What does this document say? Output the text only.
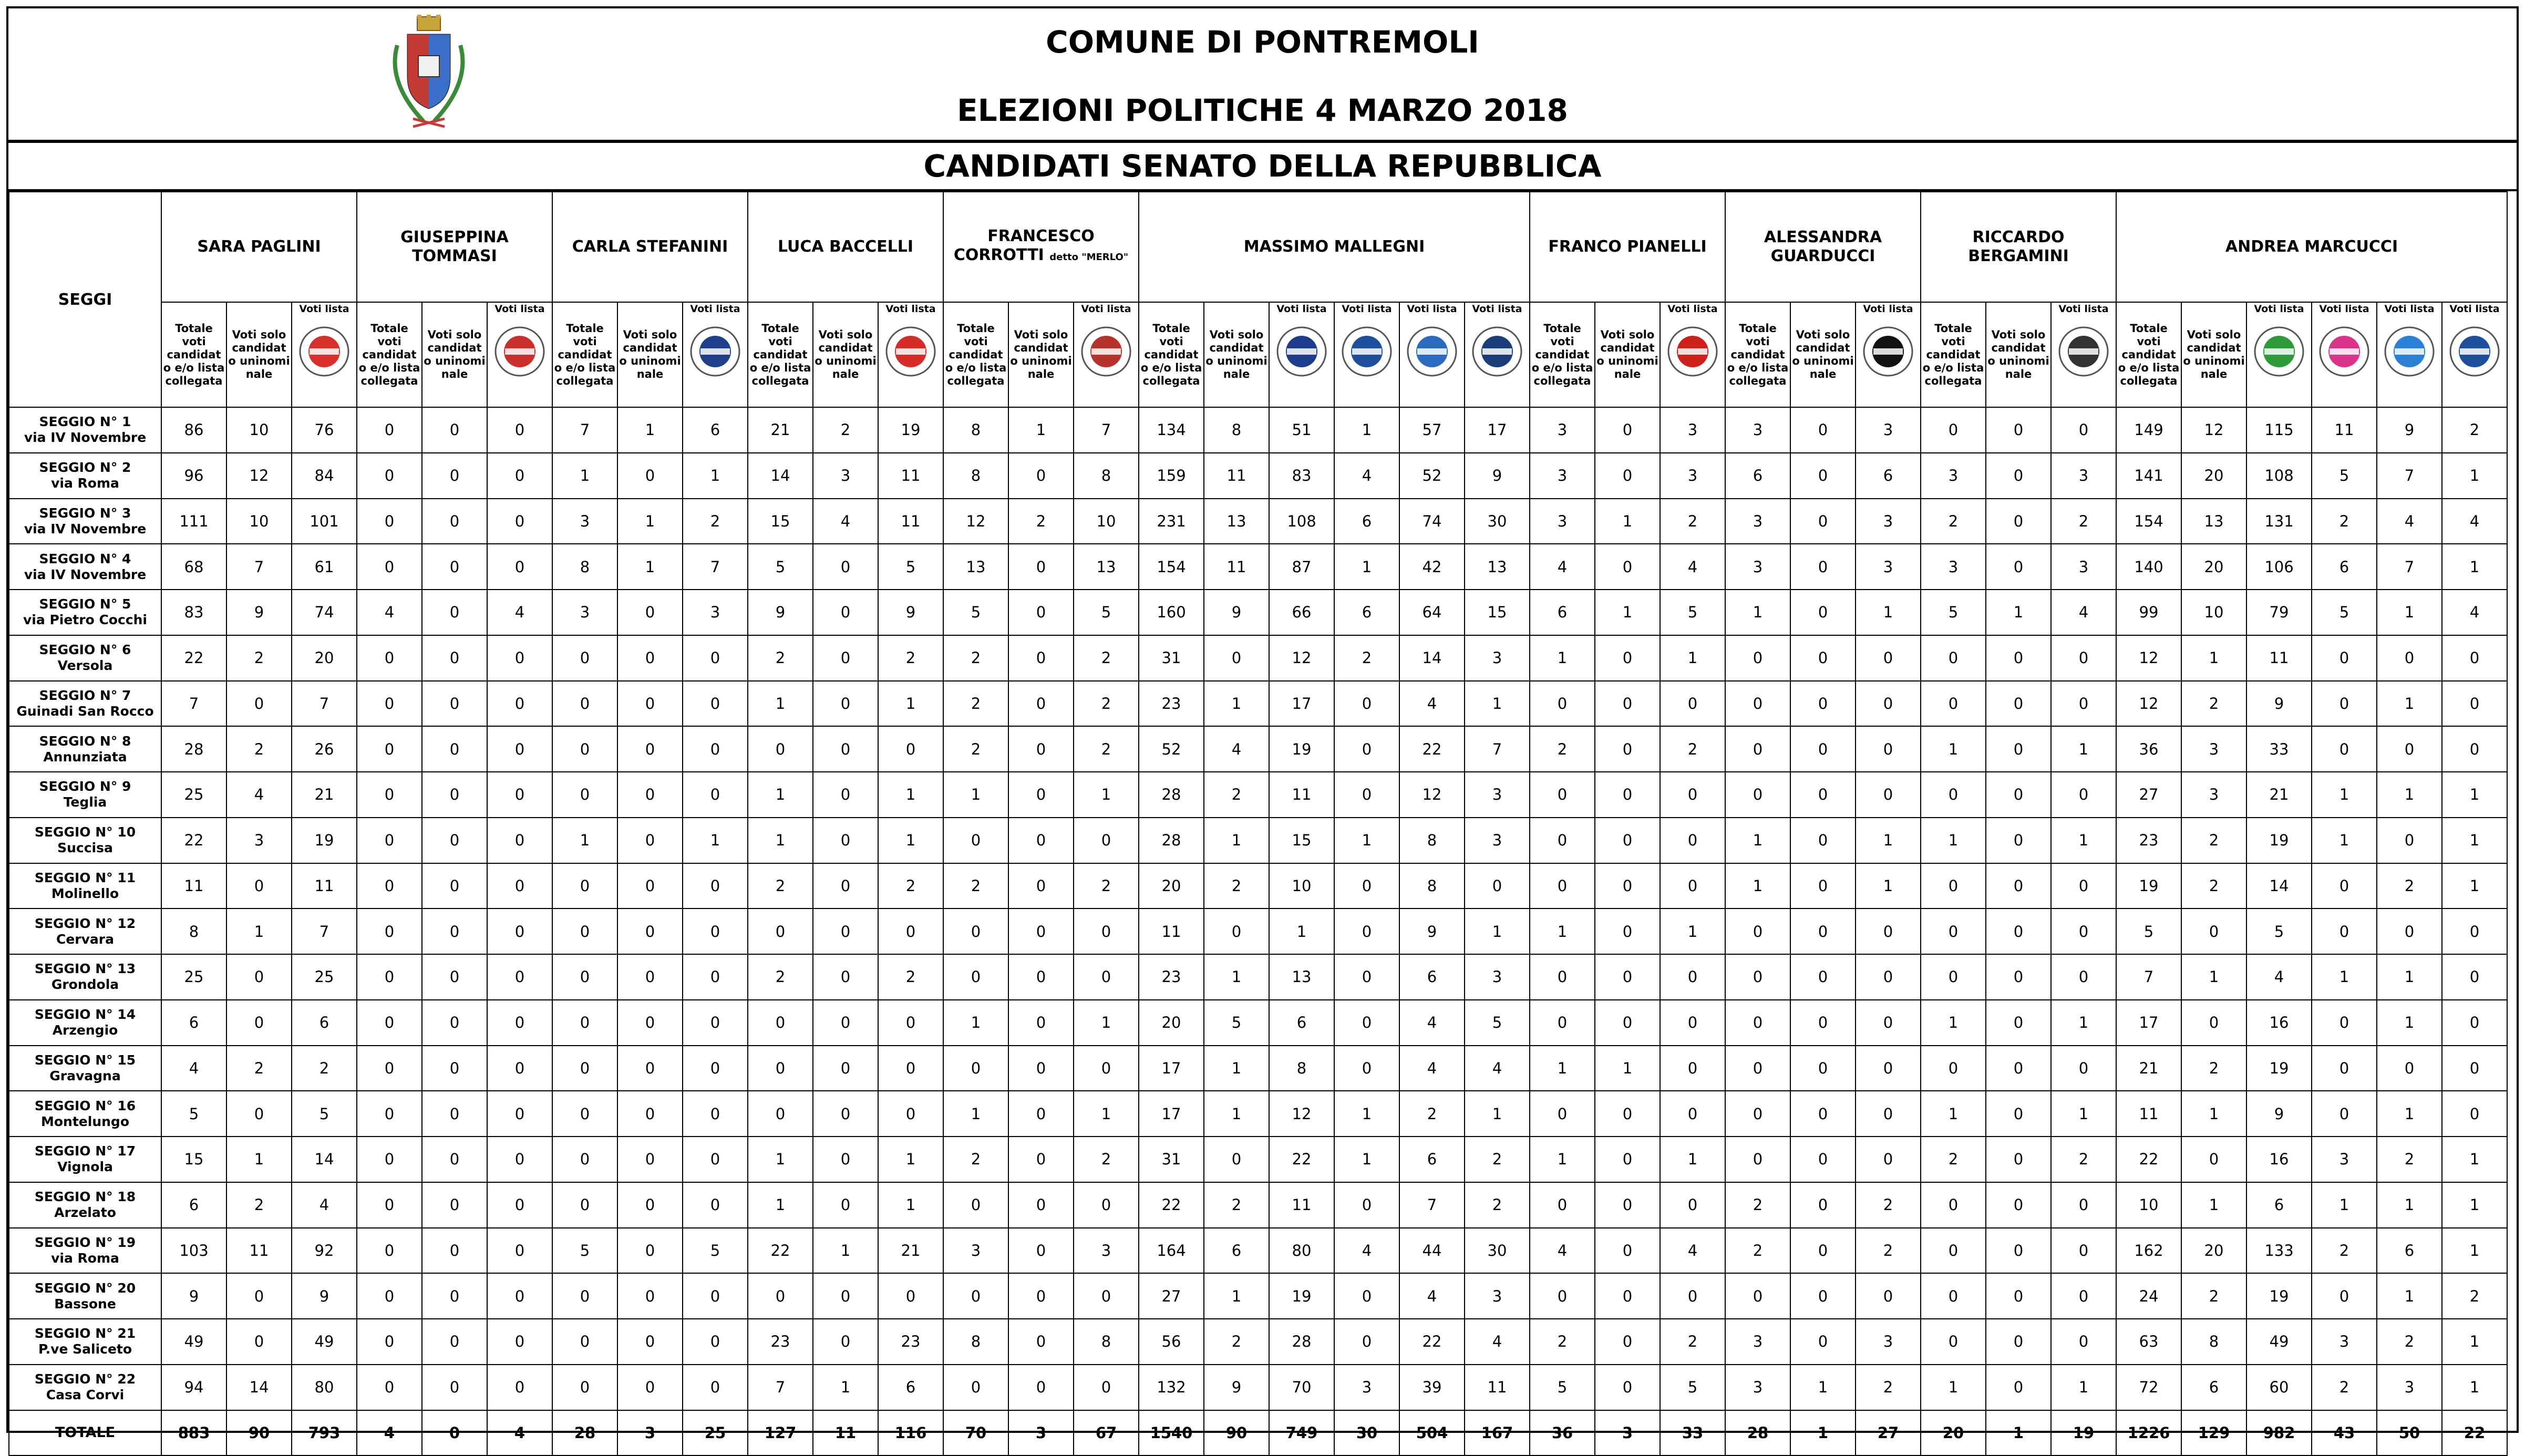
COMUNE DI PONTREMOLI
ELEZIONI POLITICHE 4 MARZO 2018
CANDIDATI SENATO DELLA REPUBBLICA
SEGGI	SARA PAGLINI			GIUSEPPINA TOMMASI			CARLA STEFANINI			LUCA BACCELLI			FRANCESCO CORROTTI detto "MERLO"			MASSIMO MALLEGNI						FRANCO PIANELLI			ALESSANDRA GUARDUCCI			RICCARDO BERGAMINI			ANDREA MARCUCCI					
	Totale voti candidat o e/o lista collegata	Voti solo candidat o uninomi nale	Voti lista	Totale voti candidat o e/o lista collegata	Voti solo candidat o uninomi nale	Voti lista	Totale voti candidat o e/o lista collegata	Voti solo candidat o uninomi nale	Voti lista	Totale voti candidat o e/o lista collegata	Voti solo candidat o uninomi nale	Voti lista	Totale voti candidat o e/o lista collegata	Voti solo candidat o uninomi nale	Voti lista	Totale voti candidat o e/o lista collegata	Voti solo candidat o uninomi nale	Voti lista	Voti lista	Voti lista	Voti lista	Totale voti candidat o e/o lista collegata	Voti solo candidat o uninomi nale	Voti lista	Totale voti candidat o e/o lista collegata	Voti solo candidat o uninomi nale	Voti lista	Totale voti candidat o e/o lista collegata	Voti solo candidat o uninomi nale	Voti lista	Totale voti candidat o e/o lista collegata	Voti solo candidat o uninomi nale	Voti lista	Voti lista	Voti lista	Voti lista

SEGGIO N° 1
via IV Novembre	86	10	76	0	0	0	7	1	6	21	2	19	8	1	7	134	8	51	1	57	17	3	0	3	3	0	3	0	0	0	149	12	115	11	9	2

SEGGIO N° 2
via Roma	96	12	84	0	0	0	1	0	1	14	3	11	8	0	8	159	11	83	4	52	9	3	0	3	6	0	6	3	0	3	141	20	108	5	7	1

SEGGIO N° 3
via IV Novembre	111	10	101	0	0	0	3	1	2	15	4	11	12	2	10	231	13	108	6	74	30	3	1	2	3	0	3	2	0	2	154	13	131	2	4	4

SEGGIO N° 4
via IV Novembre	68	7	61	0	0	0	8	1	7	5	0	5	13	0	13	154	11	87	1	42	13	4	0	4	3	0	3	3	0	3	140	20	106	6	7	1

SEGGIO N° 5
via Pietro Cocchi	83	9	74	4	0	4	3	0	3	9	0	9	5	0	5	160	9	66	6	64	15	6	1	5	1	0	1	5	1	4	99	10	79	5	1	4

SEGGIO N° 6
Versola	22	2	20	0	0	0	0	0	0	2	0	2	2	0	2	31	0	12	2	14	3	1	0	1	0	0	0	0	0	0	12	1	11	0	0	0

SEGGIO N° 7
Guinadi San Rocco	7	0	7	0	0	0	0	0	0	1	0	1	2	0	2	23	1	17	0	4	1	0	0	0	0	0	0	0	0	0	12	2	9	0	1	0

SEGGIO N° 8
Annunziata	28	2	26	0	0	0	0	0	0	0	0	0	2	0	2	52	4	19	0	22	7	2	0	2	0	0	0	1	0	1	36	3	33	0	0	0

SEGGIO N° 9
Teglia	25	4	21	0	0	0	0	0	0	1	0	1	1	0	1	28	2	11	0	12	3	0	0	0	0	0	0	0	0	0	27	3	21	1	1	1

SEGGIO N° 10
Succisa	22	3	19	0	0	0	1	0	1	1	0	1	0	0	0	28	1	15	1	8	3	0	0	0	1	0	1	1	0	1	23	2	19	1	0	1

SEGGIO N° 11
Molinello	11	0	11	0	0	0	0	0	0	2	0	2	2	0	2	20	2	10	0	8	0	0	0	0	1	0	1	0	0	0	19	2	14	0	2	1

SEGGIO N° 12
Cervara	8	1	7	0	0	0	0	0	0	0	0	0	0	0	0	11	0	1	0	9	1	1	0	1	0	0	0	0	0	0	5	0	5	0	0	0

SEGGIO N° 13
Grondola	25	0	25	0	0	0	0	0	0	2	0	2	0	0	0	23	1	13	0	6	3	0	0	0	0	0	0	0	0	0	7	1	4	1	1	0

SEGGIO N° 14
Arzengio	6	0	6	0	0	0	0	0	0	0	0	0	1	0	1	20	5	6	0	4	5	0	0	0	0	0	0	1	0	1	17	0	16	0	1	0

SEGGIO N° 15
Gravagna	4	2	2	0	0	0	0	0	0	0	0	0	0	0	0	17	1	8	0	4	4	1	1	0	0	0	0	0	0	0	21	2	19	0	0	0

SEGGIO N° 16
Montelungo	5	0	5	0	0	0	0	0	0	0	0	0	1	0	1	17	1	12	1	2	1	0	0	0	0	0	0	1	0	1	11	1	9	0	1	0

SEGGIO N° 17
Vignola	15	1	14	0	0	0	0	0	0	1	0	1	2	0	2	31	0	22	1	6	2	1	0	1	0	0	0	2	0	2	22	0	16	3	2	1

SEGGIO N° 18
Arzelato	6	2	4	0	0	0	0	0	0	1	0	1	0	0	0	22	2	11	0	7	2	0	0	0	2	0	2	0	0	0	10	1	6	1	1	1

SEGGIO N° 19
via Roma	103	11	92	0	0	0	5	0	5	22	1	21	3	0	3	164	6	80	4	44	30	4	0	4	2	0	2	0	0	0	162	20	133	2	6	1

SEGGIO N° 20
Bassone	9	0	9	0	0	0	0	0	0	0	0	0	0	0	0	27	1	19	0	4	3	0	0	0	0	0	0	0	0	0	24	2	19	0	1	2

SEGGIO N° 21
P.ve Saliceto	49	0	49	0	0	0	0	0	0	23	0	23	8	0	8	56	2	28	0	22	4	2	0	2	3	0	3	0	0	0	63	8	49	3	2	1

SEGGIO N° 22
Casa Corvi	94	14	80	0	0	0	0	0	0	7	1	6	0	0	0	132	9	70	3	39	11	5	0	5	3	1	2	1	0	1	72	6	60	2	3	1

TOTALE	883	90	793	4	0	4	28	3	25	127	11	116	70	3	67	1540	90	749	30	504	167	36	3	33	28	1	27	20	1	19	1226	129	982	43	50	22
